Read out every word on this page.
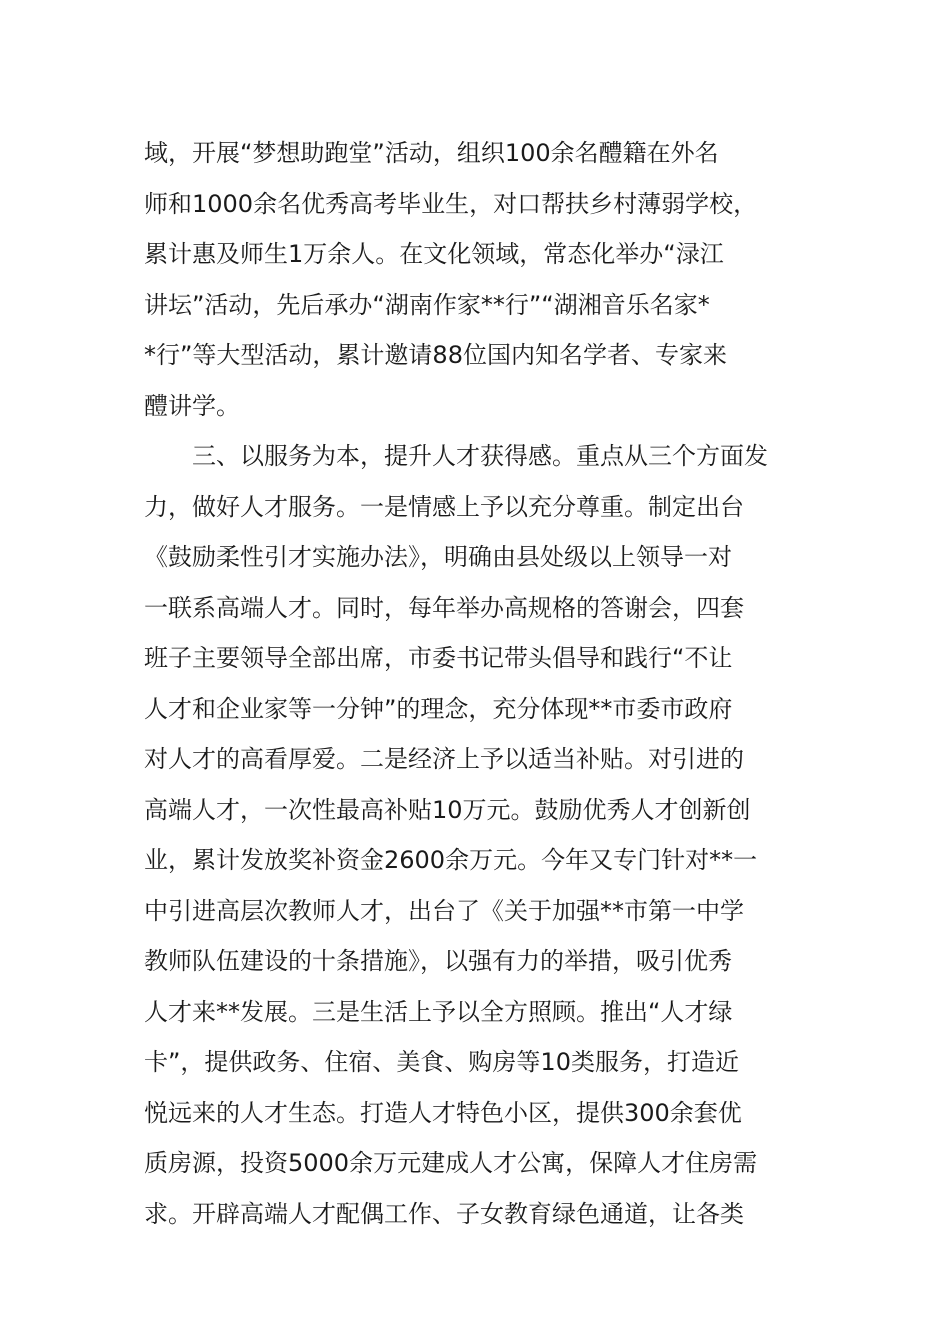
域，开展“梦想助跑堂”活动，组织100余名醴籍在外名
师和1000余名优秀高考毕业生，对口帮扶乡村薄弱学校，
累计惠及师生1万余人。在文化领域，常态化举办“渌江
讲坛”活动，先后承办“湖南作家**行”“湖湘音乐名家*
*行”等大型活动，累计邀请88位国内知名学者、专家来
醴讲学。
三、以服务为本，提升人才获得感。重点从三个方面发
力，做好人才服务。一是情感上予以充分尊重。制定出台
《鼓励柔性引才实施办法》，明确由县处级以上领导一对
一联系高端人才。同时，每年举办高规格的答谢会，四套
班子主要领导全部出席，市委书记带头倡导和践行“不让
人才和企业家等一分钟”的理念，充分体现**市委市政府
对人才的高看厚爱。二是经济上予以适当补贴。对引进的
高端人才，一次性最高补贴10万元。鼓励优秀人才创新创
业，累计发放奖补资金2600余万元。今年又专门针对**一
中引进高层次教师人才，出台了《关于加强**市第一中学
教师队伍建设的十条措施》，以强有力的举措，吸引优秀
人才来**发展。三是生活上予以全方照顾。推出“人才绿
卡”，提供政务、住宿、美食、购房等10类服务，打造近
悦远来的人才生态。打造人才特色小区，提供300余套优
质房源，投资5000余万元建成人才公寓，保障人才住房需
求。开辟高端人才配偶工作、子女教育绿色通道，让各类
